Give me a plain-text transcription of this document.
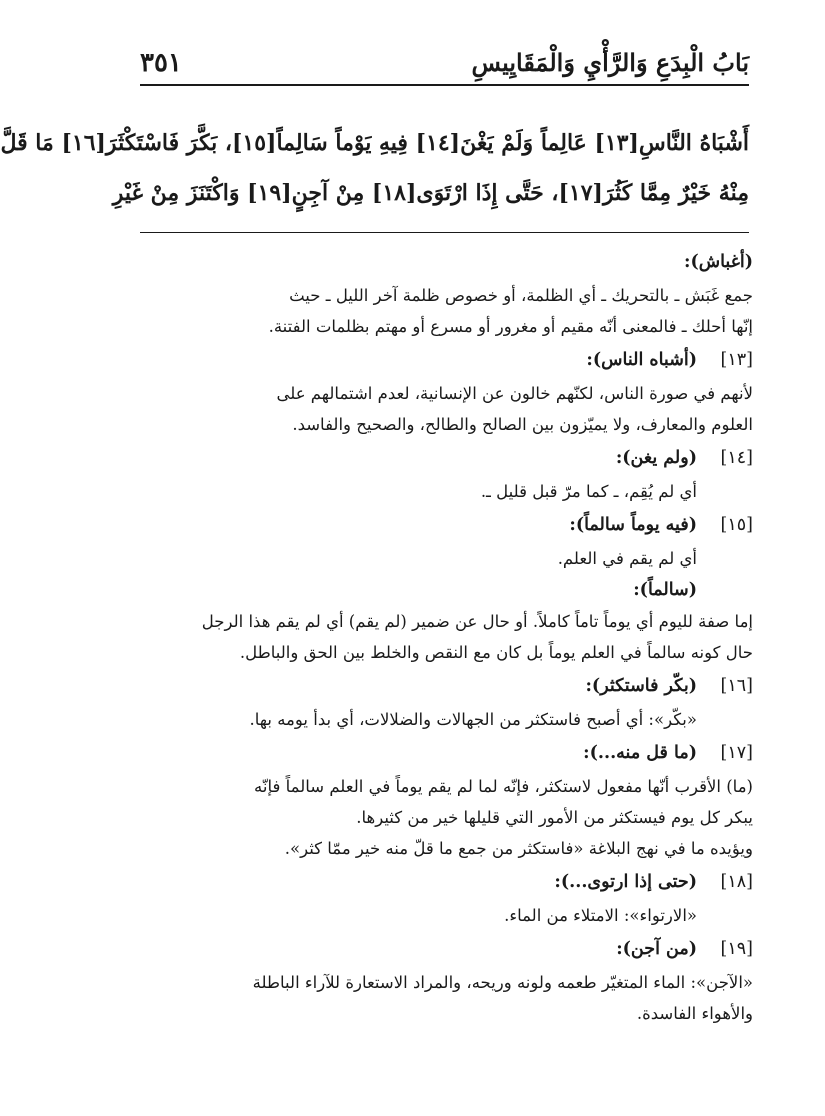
بَابُ الْبِدَعِ وَالرَّأْيِ وَالْمَقَايِيسِ
٣٥١
أَشْبَاهُ النَّاسِ[١٣] عَالِماً وَلَمْ يَغْنَ[١٤] فِيهِ يَوْماً سَالِماً[١٥]، بَكَّرَ فَاسْتَكْثَرَ[١٦] مَا قَلَّ
مِنْهُ خَيْرٌ مِمَّا كَثُرَ[١٧]، حَتَّى إِذَا ارْتَوَى[١٨] مِنْ آجِنٍ[١٩] وَاكْتَنَزَ مِنْ غَيْرِ
(أغباش):
جمع غَبَش ـ بالتحريك ـ أي الظلمة، أو خصوص ظلمة آخر الليل ـ حيث
إنّها أحلك ـ فالمعنى أنّه مقيم أو مغرور أو مسرع أو مهتم بظلمات الفتنة.
[١٣]
(أشباه الناس):
لأنهم في صورة الناس، لكنّهم خالون عن الإنسانية، لعدم اشتمالهم على
العلوم والمعارف، ولا يميّزون بين الصالح والطالح، والصحيح والفاسد.
[١٤]
(ولم يغن):
أي لم يُقِم، ـ كما مرّ قبل قليل ـ.
[١٥]
(فيه يوماً سالماً):
أي لم يقم في العلم.
(سالماً):
إما صفة لليوم أي يوماً تاماً كاملاً. أو حال عن ضمير (لم يقم) أي لم يقم هذا الرجل
حال كونه سالماً في العلم يوماً بل كان مع النقص والخلط بين الحق والباطل.
[١٦]
(بكّر فاستكثر):
«بكّر»: أي أصبح فاستكثر من الجهالات والضلالات، أي بدأ يومه بها.
[١٧]
(ما قل منه...):
(ما) الأقرب أنّها مفعول لاستكثر، فإنّه لما لم يقم يوماً في العلم سالماً فإنّه
يبكر كل يوم فيستكثر من الأمور التي قليلها خير من كثيرها.
ويؤيده ما في نهج البلاغة «فاستكثر من جمع ما قلّ منه خير ممّا كثر».
[١٨]
(حتى إذا ارتوى...):
«الارتواء»: الامتلاء من الماء.
[١٩]
(من آجن):
«الآجن»: الماء المتغيّر طعمه ولونه وريحه، والمراد الاستعارة للآراء الباطلة
والأهواء الفاسدة.
